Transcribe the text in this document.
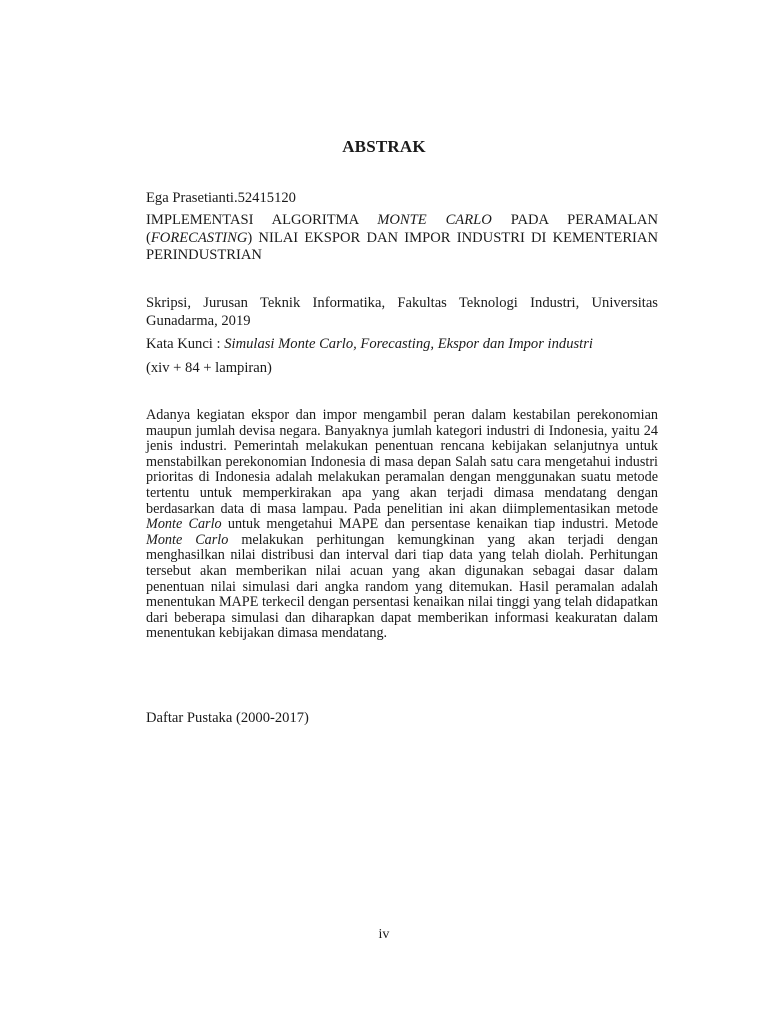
ABSTRAK
Ega Prasetianti.52415120
IMPLEMENTASI ALGORITMA MONTE CARLO PADA PERAMALAN (FORECASTING) NILAI EKSPOR DAN IMPOR INDUSTRI DI KEMENTERIAN PERINDUSTRIAN
Skripsi, Jurusan Teknik Informatika, Fakultas Teknologi Industri, Universitas Gunadarma, 2019
Kata Kunci : Simulasi Monte Carlo, Forecasting, Ekspor dan Impor industri
(xiv + 84 + lampiran)
Adanya kegiatan ekspor dan impor mengambil peran dalam kestabilan perekonomian maupun jumlah devisa negara. Banyaknya jumlah kategori industri di Indonesia, yaitu 24 jenis industri. Pemerintah melakukan penentuan rencana kebijakan selanjutnya untuk menstabilkan perekonomian Indonesia di masa depan Salah satu cara mengetahui industri prioritas di Indonesia adalah melakukan peramalan dengan menggunakan suatu metode tertentu untuk memperkirakan apa yang akan terjadi dimasa mendatang dengan berdasarkan data di masa lampau. Pada penelitian ini akan diimplementasikan metode Monte Carlo untuk mengetahui MAPE dan persentase kenaikan tiap industri. Metode Monte Carlo melakukan perhitungan kemungkinan yang akan terjadi dengan menghasilkan nilai distribusi dan interval dari tiap data yang telah diolah. Perhitungan tersebut akan memberikan nilai acuan yang akan digunakan sebagai dasar dalam penentuan nilai simulasi dari angka random yang ditemukan. Hasil peramalan adalah menentukan MAPE terkecil dengan persentasi kenaikan nilai tinggi yang telah didapatkan dari beberapa simulasi dan diharapkan dapat memberikan informasi keakuratan dalam menentukan kebijakan dimasa mendatang.
Daftar Pustaka (2000-2017)
iv
